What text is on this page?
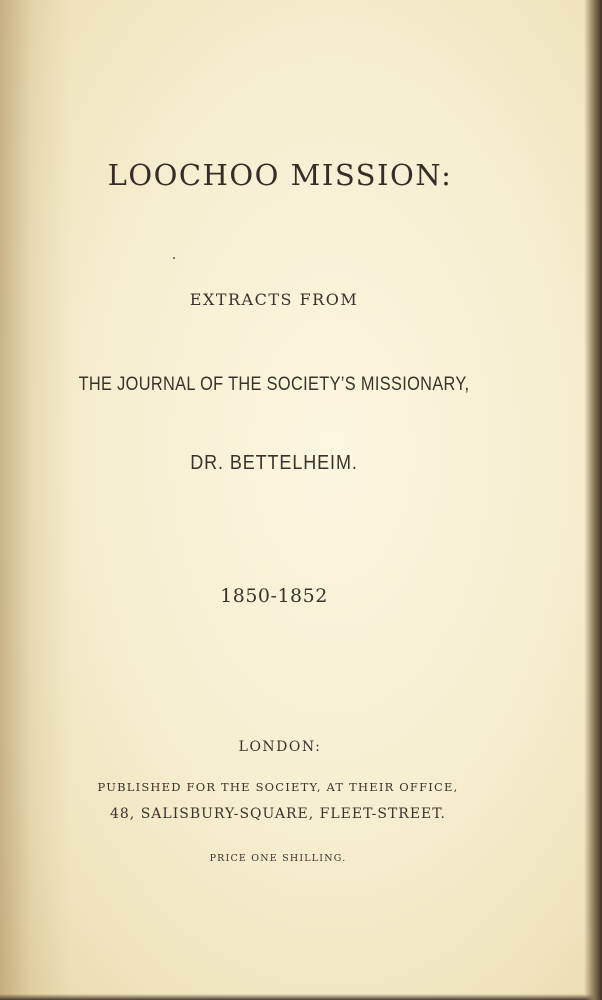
LOOCHOO MISSION:

EXTRACTS FROM

THE JOURNAL OF THE SOCIETY’S MISSIONARY,

DR. BETTELHEIM.

1850-1852

LONDON:

PUBLISHED FOR THE SOCIETY, AT THEIR OFFICE,

48, SALISBURY-SQUARE, FLEET-STREET.

PRICE ONE SHILLING.
